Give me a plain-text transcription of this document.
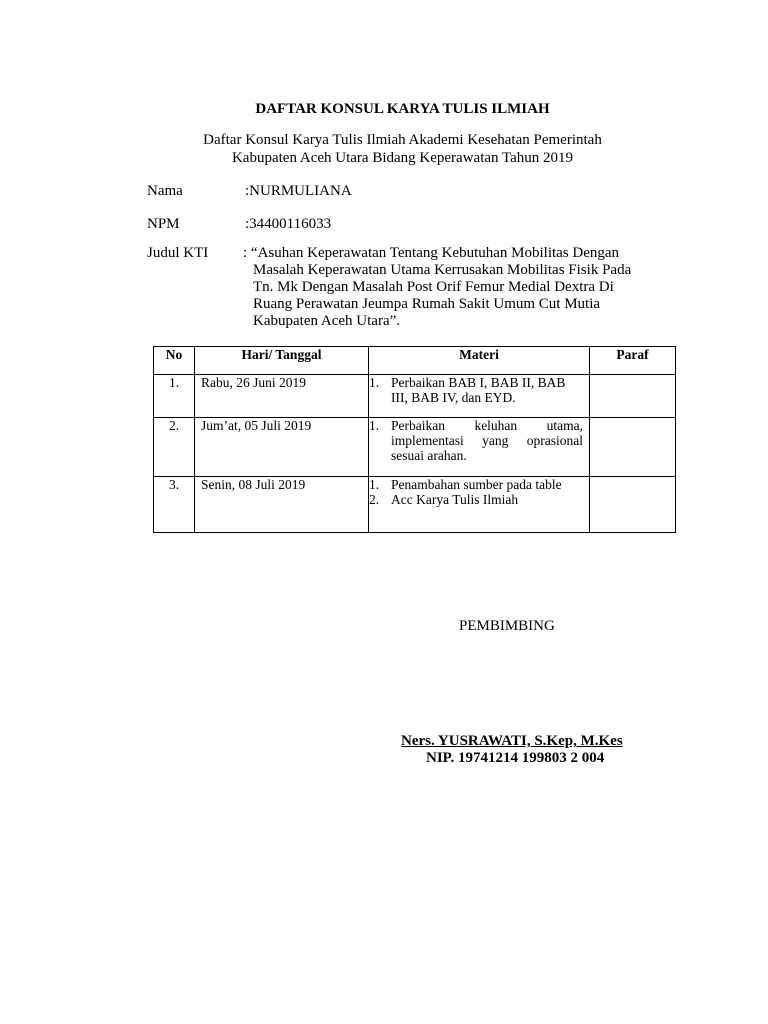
DAFTAR KONSUL KARYA TULIS ILMIAH
Daftar Konsul Karya Tulis Ilmiah Akademi Kesehatan Pemerintah
Kabupaten Aceh Utara Bidang Keperawatan Tahun 2019
Nama	:NURMULIANA
NPM	:34400116033
Judul KTI : “Asuhan Keperawatan Tentang Kebutuhan Mobilitas Dengan
Masalah Keperawatan Utama Kerrusakan Mobilitas Fisik Pada
Tn. Mk Dengan Masalah Post Orif Femur Medial Dextra Di
Ruang Perawatan Jeumpa Rumah Sakit Umum Cut Mutia
Kabupaten Aceh Utara”.
No	Hari/ Tanggal	Materi	Paraf
1.	Rabu, 26 Juni 2019	1. Perbaikan BAB I, BAB II, BAB III, BAB IV, dan EYD.	

2.	Jum’at, 05 Juli 2019	1. Perbaikan keluhan utama, implementasi yang oprasional sesuai arahan.	

3.	Senin, 08 Juli 2019	1. Penambahan sumber pada table
2. Acc Karya Tulis Ilmiah	

PEMBIMBING
Ners. YUSRAWATI, S.Kep, M.Kes
NIP. 19741214 199803 2 004
